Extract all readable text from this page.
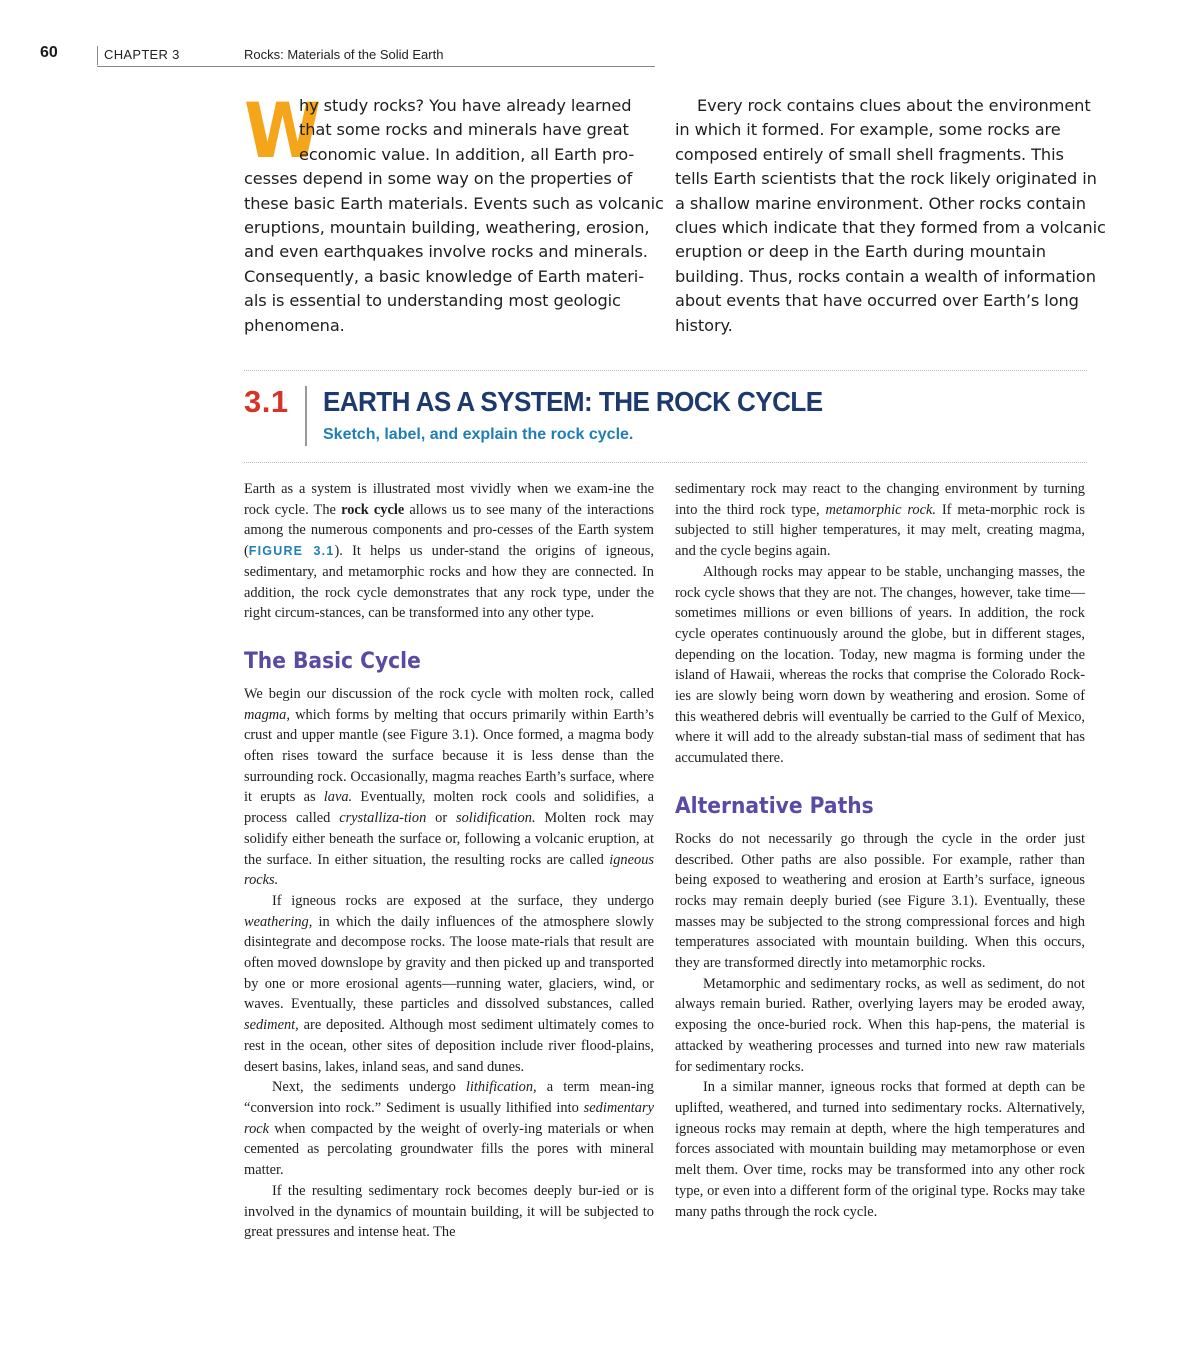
60	CHAPTER 3	Rocks: Materials of the Solid Earth
W
hy study rocks? You have already learned
that some rocks and minerals have great
economic value. In addition, all Earth pro-
cesses depend in some way on the properties of
these basic Earth materials. Events such as volcanic
eruptions, mountain building, weathering, erosion,
and even earthquakes involve rocks and minerals.
Consequently, a basic knowledge of Earth materi-
als is essential to understanding most geologic
phenomena.
Every rock contains clues about the environment
in which it formed. For example, some rocks are
composed entirely of small shell fragments. This
tells Earth scientists that the rock likely originated in
a shallow marine environment. Other rocks contain
clues which indicate that they formed from a volcanic
eruption or deep in the Earth during mountain
building. Thus, rocks contain a wealth of information
about events that have occurred over Earth’s long
history.
3.1 EARTH AS A SYSTEM: THE ROCK CYCLE
Sketch, label, and explain the rock cycle.

Earth as a system is illustrated most vividly when we exam-ine the rock cycle. The rock cycle allows us to see many of the interactions among the numerous components and pro-cesses of the Earth system (FIGURE 3.1). It helps us under-stand the origins of igneous, sedimentary, and metamorphic rocks and how they are connected. In addition, the rock cycle demonstrates that any rock type, under the right circum-stances, can be transformed into any other type.

The Basic Cycle

We begin our discussion of the rock cycle with molten rock, called magma, which forms by melting that occurs primarily within Earth’s crust and upper mantle (see Figure 3.1). Once formed, a magma body often rises toward the surface because it is less dense than the surrounding rock. Occasionally, magma reaches Earth’s surface, where it erupts as lava. Eventually, molten rock cools and solidifies, a process called crystalliza-tion or solidification. Molten rock may solidify either beneath the surface or, following a volcanic eruption, at the surface. In either situation, the resulting rocks are called igneous rocks.

If igneous rocks are exposed at the surface, they undergo weathering, in which the daily influences of the atmosphere slowly disintegrate and decompose rocks. The loose mate-rials that result are often moved downslope by gravity and then picked up and transported by one or more erosional agents—running water, glaciers, wind, or waves. Eventually, these particles and dissolved substances, called sediment, are deposited. Although most sediment ultimately comes to rest in the ocean, other sites of deposition include river flood-plains, desert basins, lakes, inland seas, and sand dunes.

Next, the sediments undergo lithification, a term mean-ing “conversion into rock.” Sediment is usually lithified into sedimentary rock when compacted by the weight of overly-ing materials or when cemented as percolating groundwater fills the pores with mineral matter.

If the resulting sedimentary rock becomes deeply bur-ied or is involved in the dynamics of mountain building, it will be subjected to great pressures and intense heat. The

sedimentary rock may react to the changing environment by turning into the third rock type, metamorphic rock. If meta-morphic rock is subjected to still higher temperatures, it may melt, creating magma, and the cycle begins again.

Although rocks may appear to be stable, unchanging masses, the rock cycle shows that they are not. The changes, however, take time—sometimes millions or even billions of years. In addition, the rock cycle operates continuously around the globe, but in different stages, depending on the location. Today, new magma is forming under the island of Hawaii, whereas the rocks that comprise the Colorado Rock-ies are slowly being worn down by weathering and erosion. Some of this weathered debris will eventually be carried to the Gulf of Mexico, where it will add to the already substan-tial mass of sediment that has accumulated there.

Alternative Paths

Rocks do not necessarily go through the cycle in the order just described. Other paths are also possible. For example, rather than being exposed to weathering and erosion at Earth’s surface, igneous rocks may remain deeply buried (see Figure 3.1). Eventually, these masses may be subjected to the strong compressional forces and high temperatures associated with mountain building. When this occurs, they are transformed directly into metamorphic rocks.

Metamorphic and sedimentary rocks, as well as sediment, do not always remain buried. Rather, overlying layers may be eroded away, exposing the once-buried rock. When this hap-pens, the material is attacked by weathering processes and turned into new raw materials for sedimentary rocks.

In a similar manner, igneous rocks that formed at depth can be uplifted, weathered, and turned into sedimentary rocks. Alternatively, igneous rocks may remain at depth, where the high temperatures and forces associated with mountain building may metamorphose or even melt them. Over time, rocks may be transformed into any other rock type, or even into a different form of the original type. Rocks may take many paths through the rock cycle.
